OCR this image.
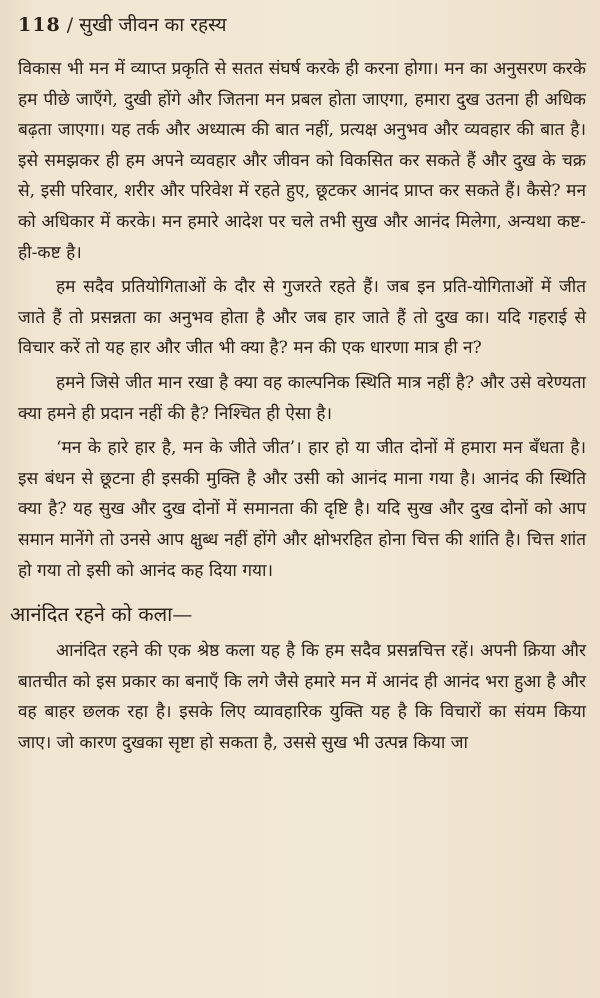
118 / सुखी जीवन का रहस्य

विकास भी मन में व्याप्त प्रकृति से सतत संघर्ष करके ही करना होगा। मन का अनुसरण करके हम पीछे जाएँगे, दुखी होंगे और जितना मन प्रबल होता जाएगा, हमारा दुख उतना ही अधिक बढ़ता जाएगा। यह तर्क और अध्यात्म की बात नहीं, प्रत्यक्ष अनुभव और व्यवहार की बात है। इसे समझकर ही हम अपने व्यवहार और जीवन को विकसित कर सकते हैं और दुख के चक्र से, इसी परिवार, शरीर और परिवेश में रहते हुए, छूटकर आनंद प्राप्त कर सकते हैं। कैसे? मन को अधिकार में करके। मन हमारे आदेश पर चले तभी सुख और आनंद मिलेगा, अन्यथा कष्ट-ही-कष्ट है।

हम सदैव प्रतियोगिताओं के दौर से गुजरते रहते हैं। जब इन प्रति-योगिताओं में जीत जाते हैं तो प्रसन्नता का अनुभव होता है और जब हार जाते हैं तो दुख का। यदि गहराई से विचार करें तो यह हार और जीत भी क्या है? मन की एक धारणा मात्र ही न?

हमने जिसे जीत मान रखा है क्या वह काल्पनिक स्थिति मात्र नहीं है? और उसे वरेण्यता क्या हमने ही प्रदान नहीं की है? निश्चित ही ऐसा है।

‘मन के हारे हार है, मन के जीते जीत’। हार हो या जीत दोनों में हमारा मन बँधता है। इस बंधन से छूटना ही इसकी मुक्ति है और उसी को आनंद माना गया है। आनंद की स्थिति क्या है? यह सुख और दुख दोनों में समानता की दृष्टि है। यदि सुख और दुख दोनों को आप समान मानेंगे तो उनसे आप क्षुब्ध नहीं होंगे और क्षोभरहित होना चित्त की शांति है। चित्त शांत हो गया तो इसी को आनंद कह दिया गया।

आनंदित रहने को कला—

आनंदित रहने की एक श्रेष्ठ कला यह है कि हम सदैव प्रसन्नचित्त रहें। अपनी क्रिया और बातचीत को इस प्रकार का बनाएँ कि लगे जैसे हमारे मन में आनंद ही आनंद भरा हुआ है और वह बाहर छलक रहा है। इसके लिए व्यावहारिक युक्ति यह है कि विचारों का संयम किया जाए। जो कारण दुखका सृष्टा हो सकता है, उससे सुख भी उत्पन्न किया जा
